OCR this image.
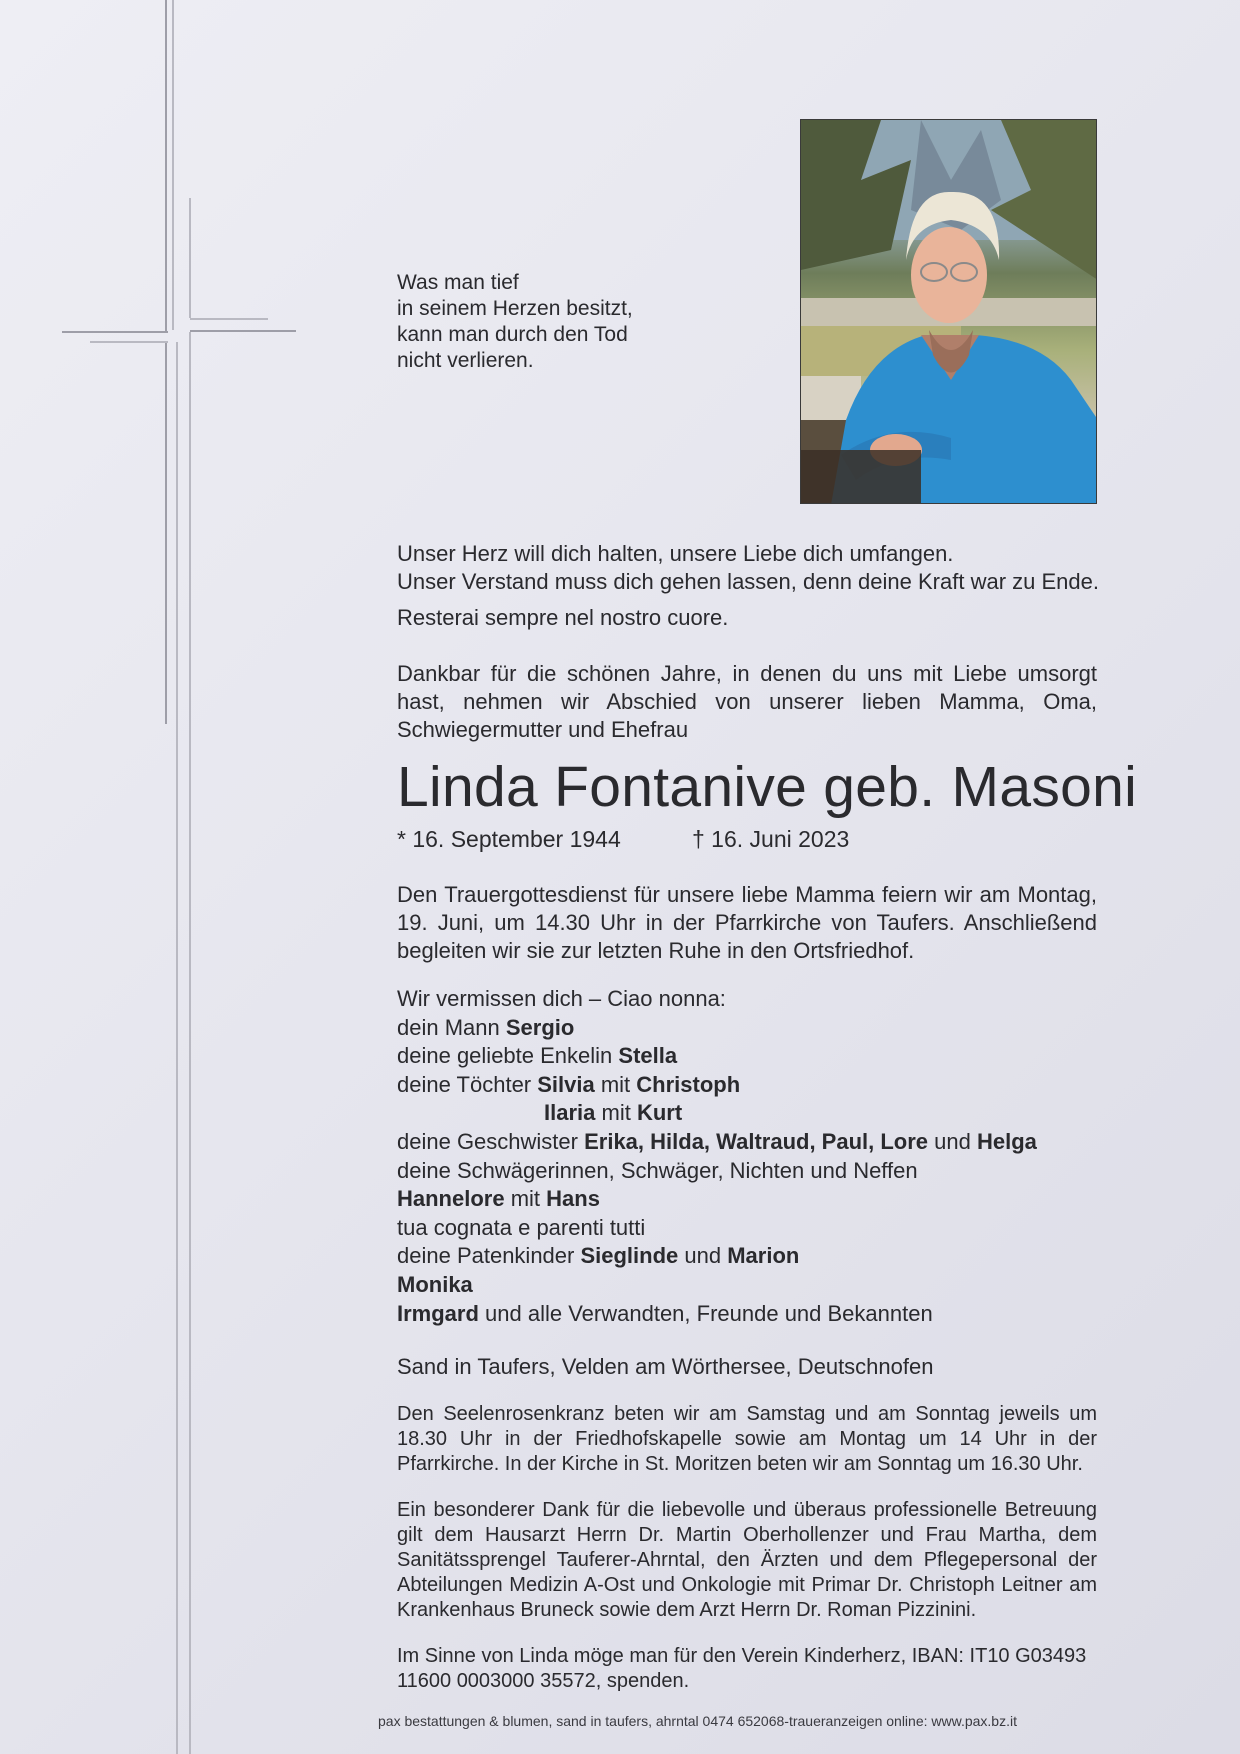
Was man tief
in seinem Herzen besitzt,
kann man durch den Tod
nicht verlieren.
Unser Herz will dich halten, unsere Liebe dich umfangen.
Unser Verstand muss dich gehen lassen, denn deine Kraft war zu Ende.
Resterai sempre nel nostro cuore.
Dankbar für die schönen Jahre, in denen du uns mit Liebe umsorgt hast, nehmen wir Abschied von unserer lieben Mamma, Oma, Schwiegermutter und Ehefrau
Linda Fontanive geb. Masoni
* 16. September 1944	† 16. Juni 2023
Den Trauergottesdienst für unsere liebe Mamma feiern wir am Montag, 19. Juni, um 14.30 Uhr in der Pfarrkirche von Taufers. Anschließend begleiten wir sie zur letzten Ruhe in den Ortsfriedhof.
Wir vermissen dich – Ciao nonna:
dein Mann Sergio
deine geliebte Enkelin Stella
deine Töchter Silvia mit Christoph
Ilaria mit Kurt
deine Geschwister Erika, Hilda, Waltraud, Paul, Lore und Helga
deine Schwägerinnen, Schwäger, Nichten und Neffen
Hannelore mit Hans
tua cognata e parenti tutti
deine Patenkinder Sieglinde und Marion
Monika
Irmgard und alle Verwandten, Freunde und Bekannten
Sand in Taufers, Velden am Wörthersee, Deutschnofen
Den Seelenrosenkranz beten wir am Samstag und am Sonntag jeweils um 18.30 Uhr in der Friedhofskapelle sowie am Montag um 14 Uhr in der Pfarrkirche. In der Kirche in St. Moritzen beten wir am Sonntag um 16.30 Uhr.
Ein besonderer Dank für die liebevolle und überaus professionelle Betreuung gilt dem Hausarzt Herrn Dr. Martin Oberhollenzer und Frau Martha, dem Sanitätssprengel Tauferer-Ahrntal, den Ärzten und dem Pflegepersonal der Abteilungen Medizin A-Ost und Onkologie mit Primar Dr. Christoph Leitner am Krankenhaus Bruneck sowie dem Arzt Herrn Dr. Roman Pizzinini.
Im Sinne von Linda möge man für den Verein Kinderherz, IBAN: IT10 G03493 11600 0003000 35572, spenden.
pax bestattungen & blumen, sand in taufers, ahrntal 0474 652068-traueranzeigen online: www.pax.bz.it
